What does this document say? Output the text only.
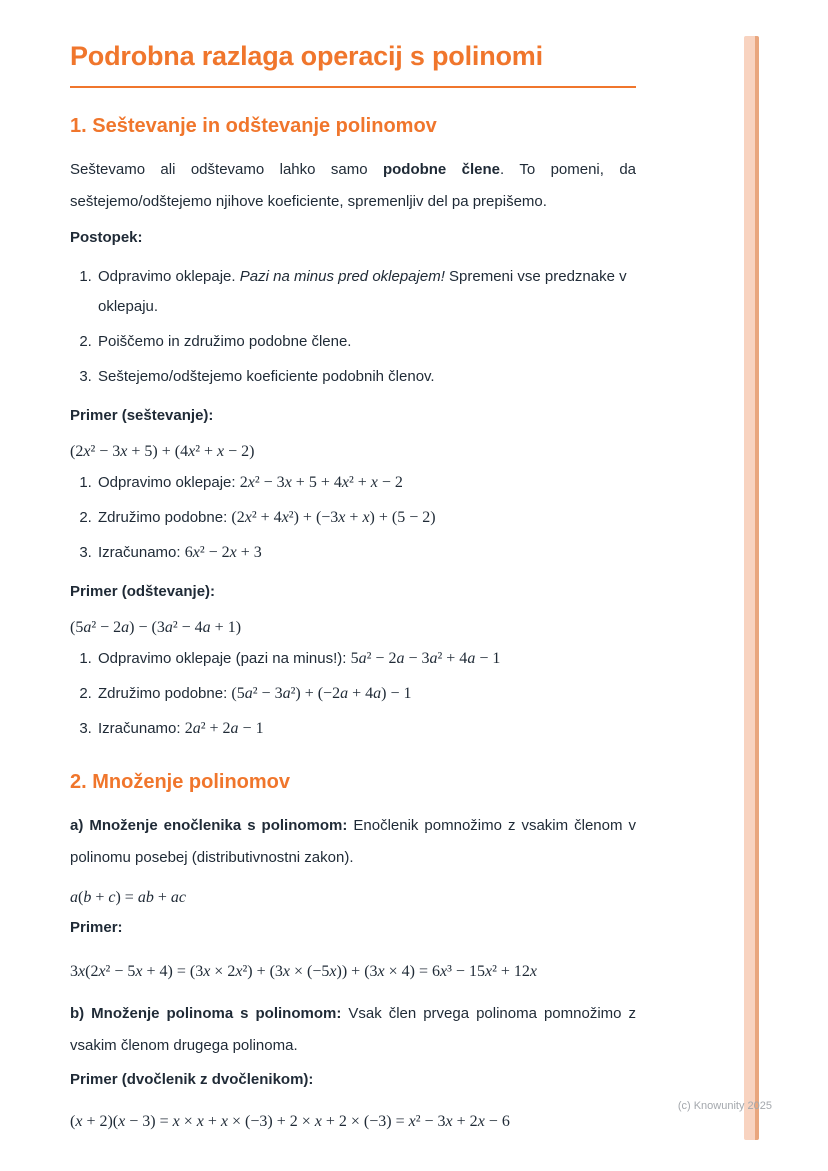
Podrobna razlaga operacij s polinomi
1. Seštevanje in odštevanje polinomov

Seštevamo ali odštevamo lahko samo podobne člene. To pomeni, da seštejemo/odštejemo njihove koeficiente, spremenljiv del pa prepišemo.

Postopek:

1. Odpravimo oklepaje. Pazi na minus pred oklepajem! Spremeni vse predznake v oklepaju.
2. Poiščemo in združimo podobne člene.
3. Seštejemo/odštejemo koeficiente podobnih členov.

Primer (seštevanje):

(2x² − 3x + 5) + (4x² + x − 2)
1. Odpravimo oklepaje: 2x² − 3x + 5 + 4x² + x − 2
2. Združimo podobne: (2x² + 4x²) + (−3x + x) + (5 − 2)
3. Izračunamo: 6x² − 2x + 3

Primer (odštevanje):

(5a² − 2a) − (3a² − 4a + 1)
1. Odpravimo oklepaje (pazi na minus!): 5a² − 2a − 3a² + 4a − 1
2. Združimo podobne: (5a² − 3a²) + (−2a + 4a) − 1
3. Izračunamo: 2a² + 2a − 1
2. Množenje polinomov

a) Množenje enočlenika s polinomom: Enočlenik pomnožimo z vsakim členom v polinomu posebej (distributivnostni zakon).

a(b + c) = ab + ac

Primer:

3x(2x² − 5x + 4) = (3x × 2x²) + (3x × (−5x)) + (3x × 4) = 6x³ − 15x² + 12x

b) Množenje polinoma s polinomom: Vsak člen prvega polinoma pomnožimo z vsakim členom drugega polinoma.

Primer (dvočlenik z dvočlenikom):

(x + 2)(x − 3) = x × x + x × (−3) + 2 × x + 2 × (−3) = x² − 3x + 2x − 6

(c) Knowunity 2025
